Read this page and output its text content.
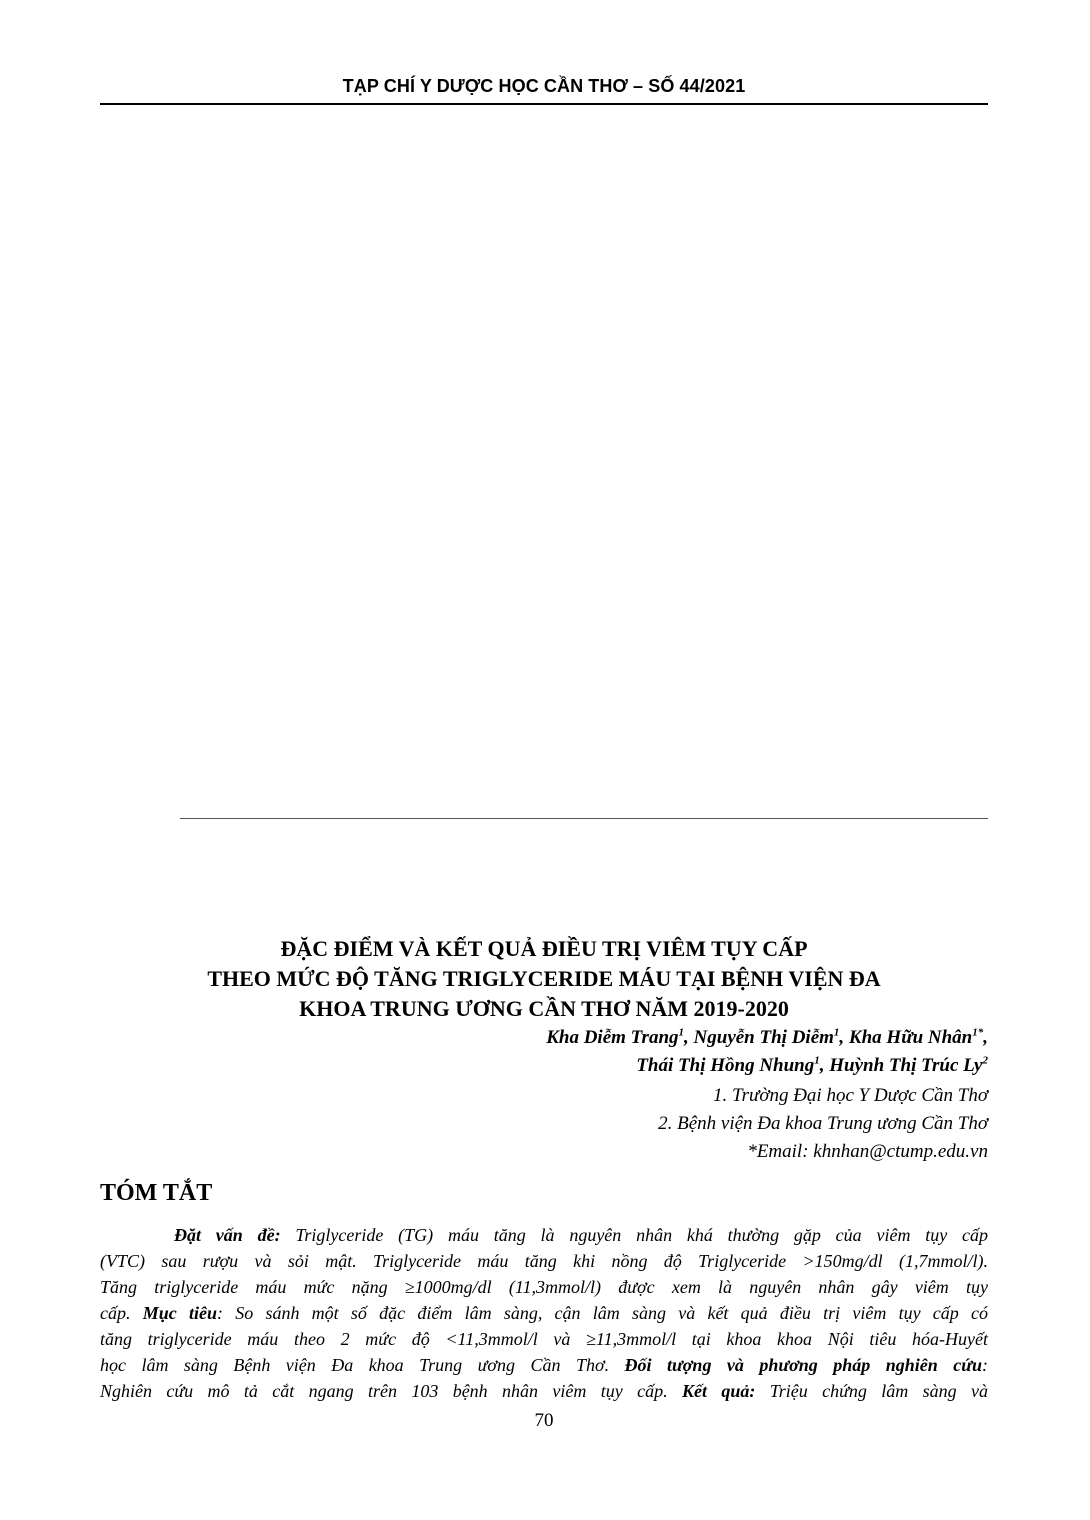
TẠP CHÍ Y DƯỢC HỌC CẦN THƠ – SỐ 44/2021
ĐẶC ĐIỂM VÀ KẾT QUẢ ĐIỀU TRỊ VIÊM TỤY CẤP
THEO MỨC ĐỘ TĂNG TRIGLYCERIDE MÁU TẠI BỆNH VIỆN ĐA
KHOA TRUNG ƯƠNG CẦN THƠ NĂM 2019-2020
Kha Diễm Trang$^1$, Nguyễn Thị Diễm$^1$, Kha Hữu Nhân$^{1*}$,
Thái Thị Hồng Nhung$^1$, Huỳnh Thị Trúc Ly$^2$
1. Trường Đại học Y Dược Cần Thơ
2. Bệnh viện Đa khoa Trung ương Cần Thơ
*Email: khnhan@ctump.edu.vn
TÓM TẮT
Đặt vấn đề: Triglyceride (TG) máu tăng là nguyên nhân khá thường gặp của viêm tụy cấp
(VTC) sau rượu và sỏi mật. Triglyceride máu tăng khi nồng độ Triglyceride >150mg/dl (1,7mmol/l).
Tăng triglyceride máu mức nặng ≥1000mg/dl (11,3mmol/l) được xem là nguyên nhân gây viêm tụy
cấp. Mục tiêu: So sánh một số đặc điểm lâm sàng, cận lâm sàng và kết quả điều trị viêm tụy cấp có
tăng triglyceride máu theo 2 mức độ <11,3mmol/l và ≥11,3mmol/l tại khoa khoa Nội tiêu hóa-Huyết
học lâm sàng Bệnh viện Đa khoa Trung ương Cần Thơ. Đối tượng và phương pháp nghiên cứu:
Nghiên cứu mô tả cắt ngang trên 103 bệnh nhân viêm tụy cấp. Kết quả: Triệu chứng lâm sàng và
70
